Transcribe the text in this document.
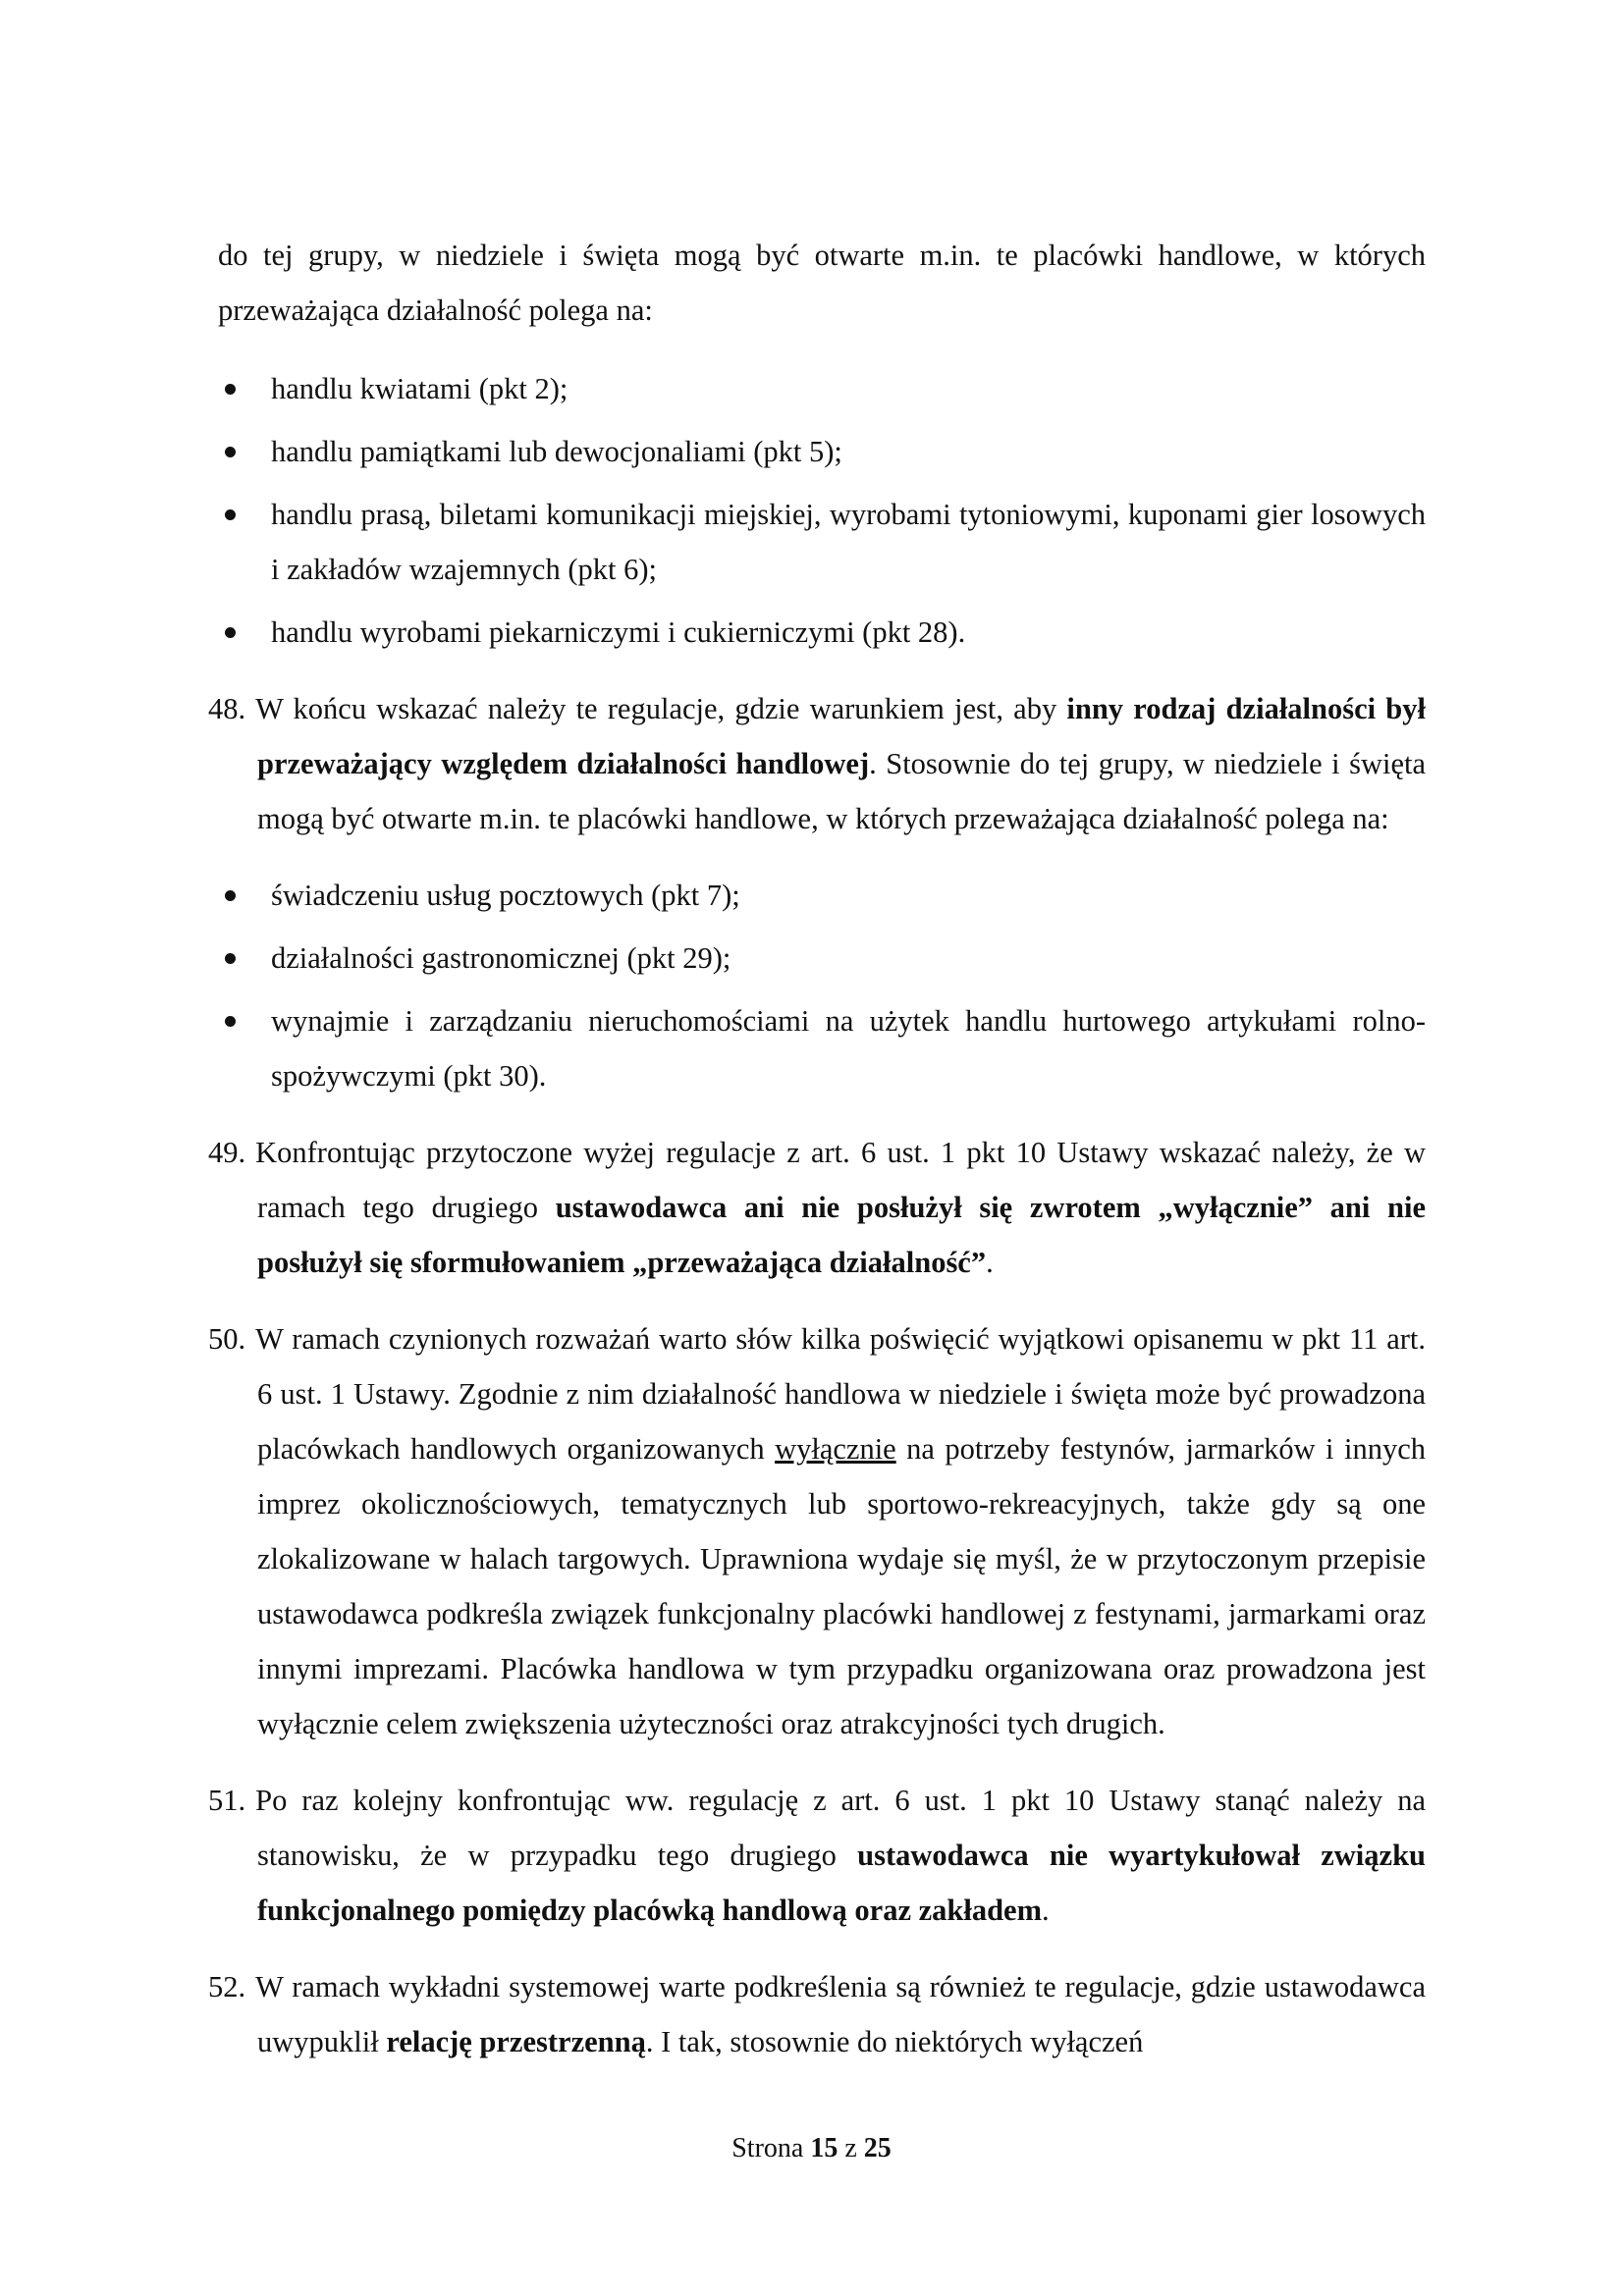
do tej grupy, w niedziele i święta mogą być otwarte m.in. te placówki handlowe, w których przeważająca działalność polega na:

handlu kwiatami (pkt 2);
handlu pamiątkami lub dewocjonaliami (pkt 5);
handlu prasą, biletami komunikacji miejskiej, wyrobami tytoniowymi, kuponami gier losowych i zakładów wzajemnych (pkt 6);
handlu wyrobami piekarniczymi i cukierniczymi (pkt 28).

48. W końcu wskazać należy te regulacje, gdzie warunkiem jest, aby inny rodzaj działalności był przeważający względem działalności handlowej. Stosownie do tej grupy, w niedziele i święta mogą być otwarte m.in. te placówki handlowe, w których przeważająca działalność polega na:

świadczeniu usług pocztowych (pkt 7);
działalności gastronomicznej (pkt 29);
wynajmie i zarządzaniu nieruchomościami na użytek handlu hurtowego artykułami rolno-spożywczymi (pkt 30).

49. Konfrontując przytoczone wyżej regulacje z art. 6 ust. 1 pkt 10 Ustawy wskazać należy, że w ramach tego drugiego ustawodawca ani nie posłużył się zwrotem „wyłącznie” ani nie posłużył się sformułowaniem „przeważająca działalność”.

50. W ramach czynionych rozważań warto słów kilka poświęcić wyjątkowi opisanemu w pkt 11 art. 6 ust. 1 Ustawy. Zgodnie z nim działalność handlowa w niedziele i święta może być prowadzona placówkach handlowych organizowanych wyłącznie na potrzeby festynów, jarmarków i innych imprez okolicznościowych, tematycznych lub sportowo-rekreacyjnych, także gdy są one zlokalizowane w halach targowych. Uprawniona wydaje się myśl, że w przytoczonym przepisie ustawodawca podkreśla związek funkcjonalny placówki handlowej z festynami, jarmarkami oraz innymi imprezami. Placówka handlowa w tym przypadku organizowana oraz prowadzona jest wyłącznie celem zwiększenia użyteczności oraz atrakcyjności tych drugich.

51. Po raz kolejny konfrontując ww. regulację z art. 6 ust. 1 pkt 10 Ustawy stanąć należy na stanowisku, że w przypadku tego drugiego ustawodawca nie wyartykułował związku funkcjonalnego pomiędzy placówką handlową oraz zakładem.

52. W ramach wykładni systemowej warte podkreślenia są również te regulacje, gdzie ustawodawca uwypuklił relację przestrzenną. I tak, stosownie do niektórych wyłączeń

Strona 15 z 25
